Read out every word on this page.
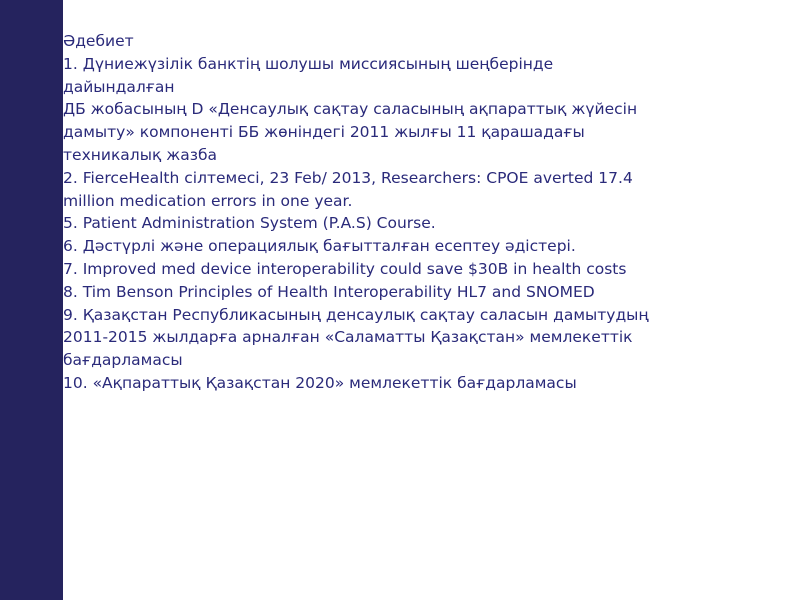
Әдебиет
1. Дүниежүзілік банктің шолушы миссиясының шеңберінде
дайындалған
ДБ жобасының D «Денсаулық сақтау саласының ақпараттық жүйесін
дамыту» компоненті ББ жөніндегі 2011 жылғы 11 қарашадағы
техникалық жазба
2. FierceHealth сілтемесі, 23 Feb/ 2013, Researchers: CPOE averted 17.4
million medication errors in one year.
5. Patient Administration System (P.A.S) Course.
6. Дәстүрлі және операциялық бағытталған есептеу әдістері.
7. Improved med device interoperability could save $30B in health costs
8. Tim Benson Principles of Health Interoperability HL7 and SNOMED
9. Қазақстан Республикасының денсаулық сақтау саласын дамытудың
2011-2015 жылдарға арналған «Саламатты Қазақстан» мемлекеттік
бағдарламасы
10. «Ақпараттық Қазақстан 2020» мемлекеттік бағдарламасы
